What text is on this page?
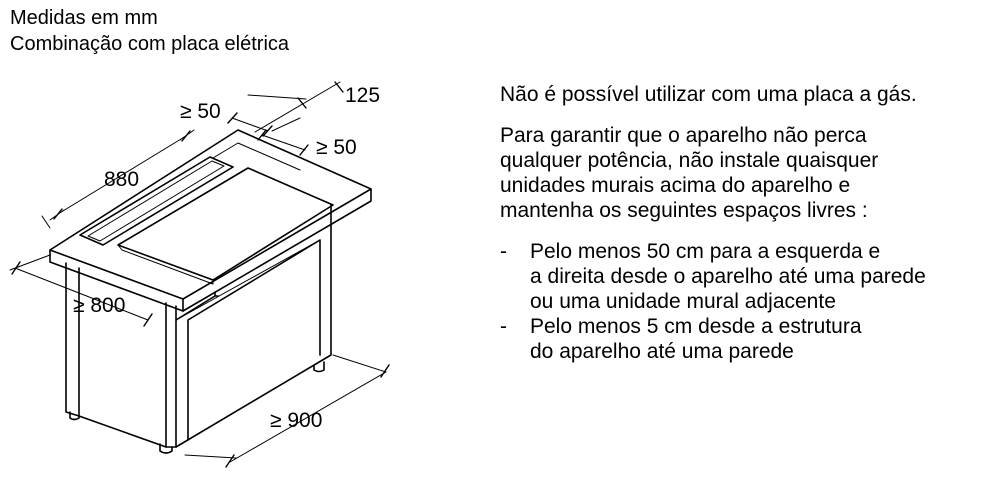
Medidas em mm
Combinação com placa elétrica
125
≥ 50
≥ 50
880
≥ 800
≥ 900

Não é possível utilizar com uma placa a gás.

Para garantir que o aparelho não perca

qualquer potência, não instale quaisquer

unidades murais acima do aparelho e

mantenha os seguintes espaços livres :

- Pelo menos 50 cm para a esquerda e
a direita desde o aparelho até uma parede
ou uma unidade mural adjacente
- Pelo menos 5 cm desde a estrutura
do aparelho até uma parede
